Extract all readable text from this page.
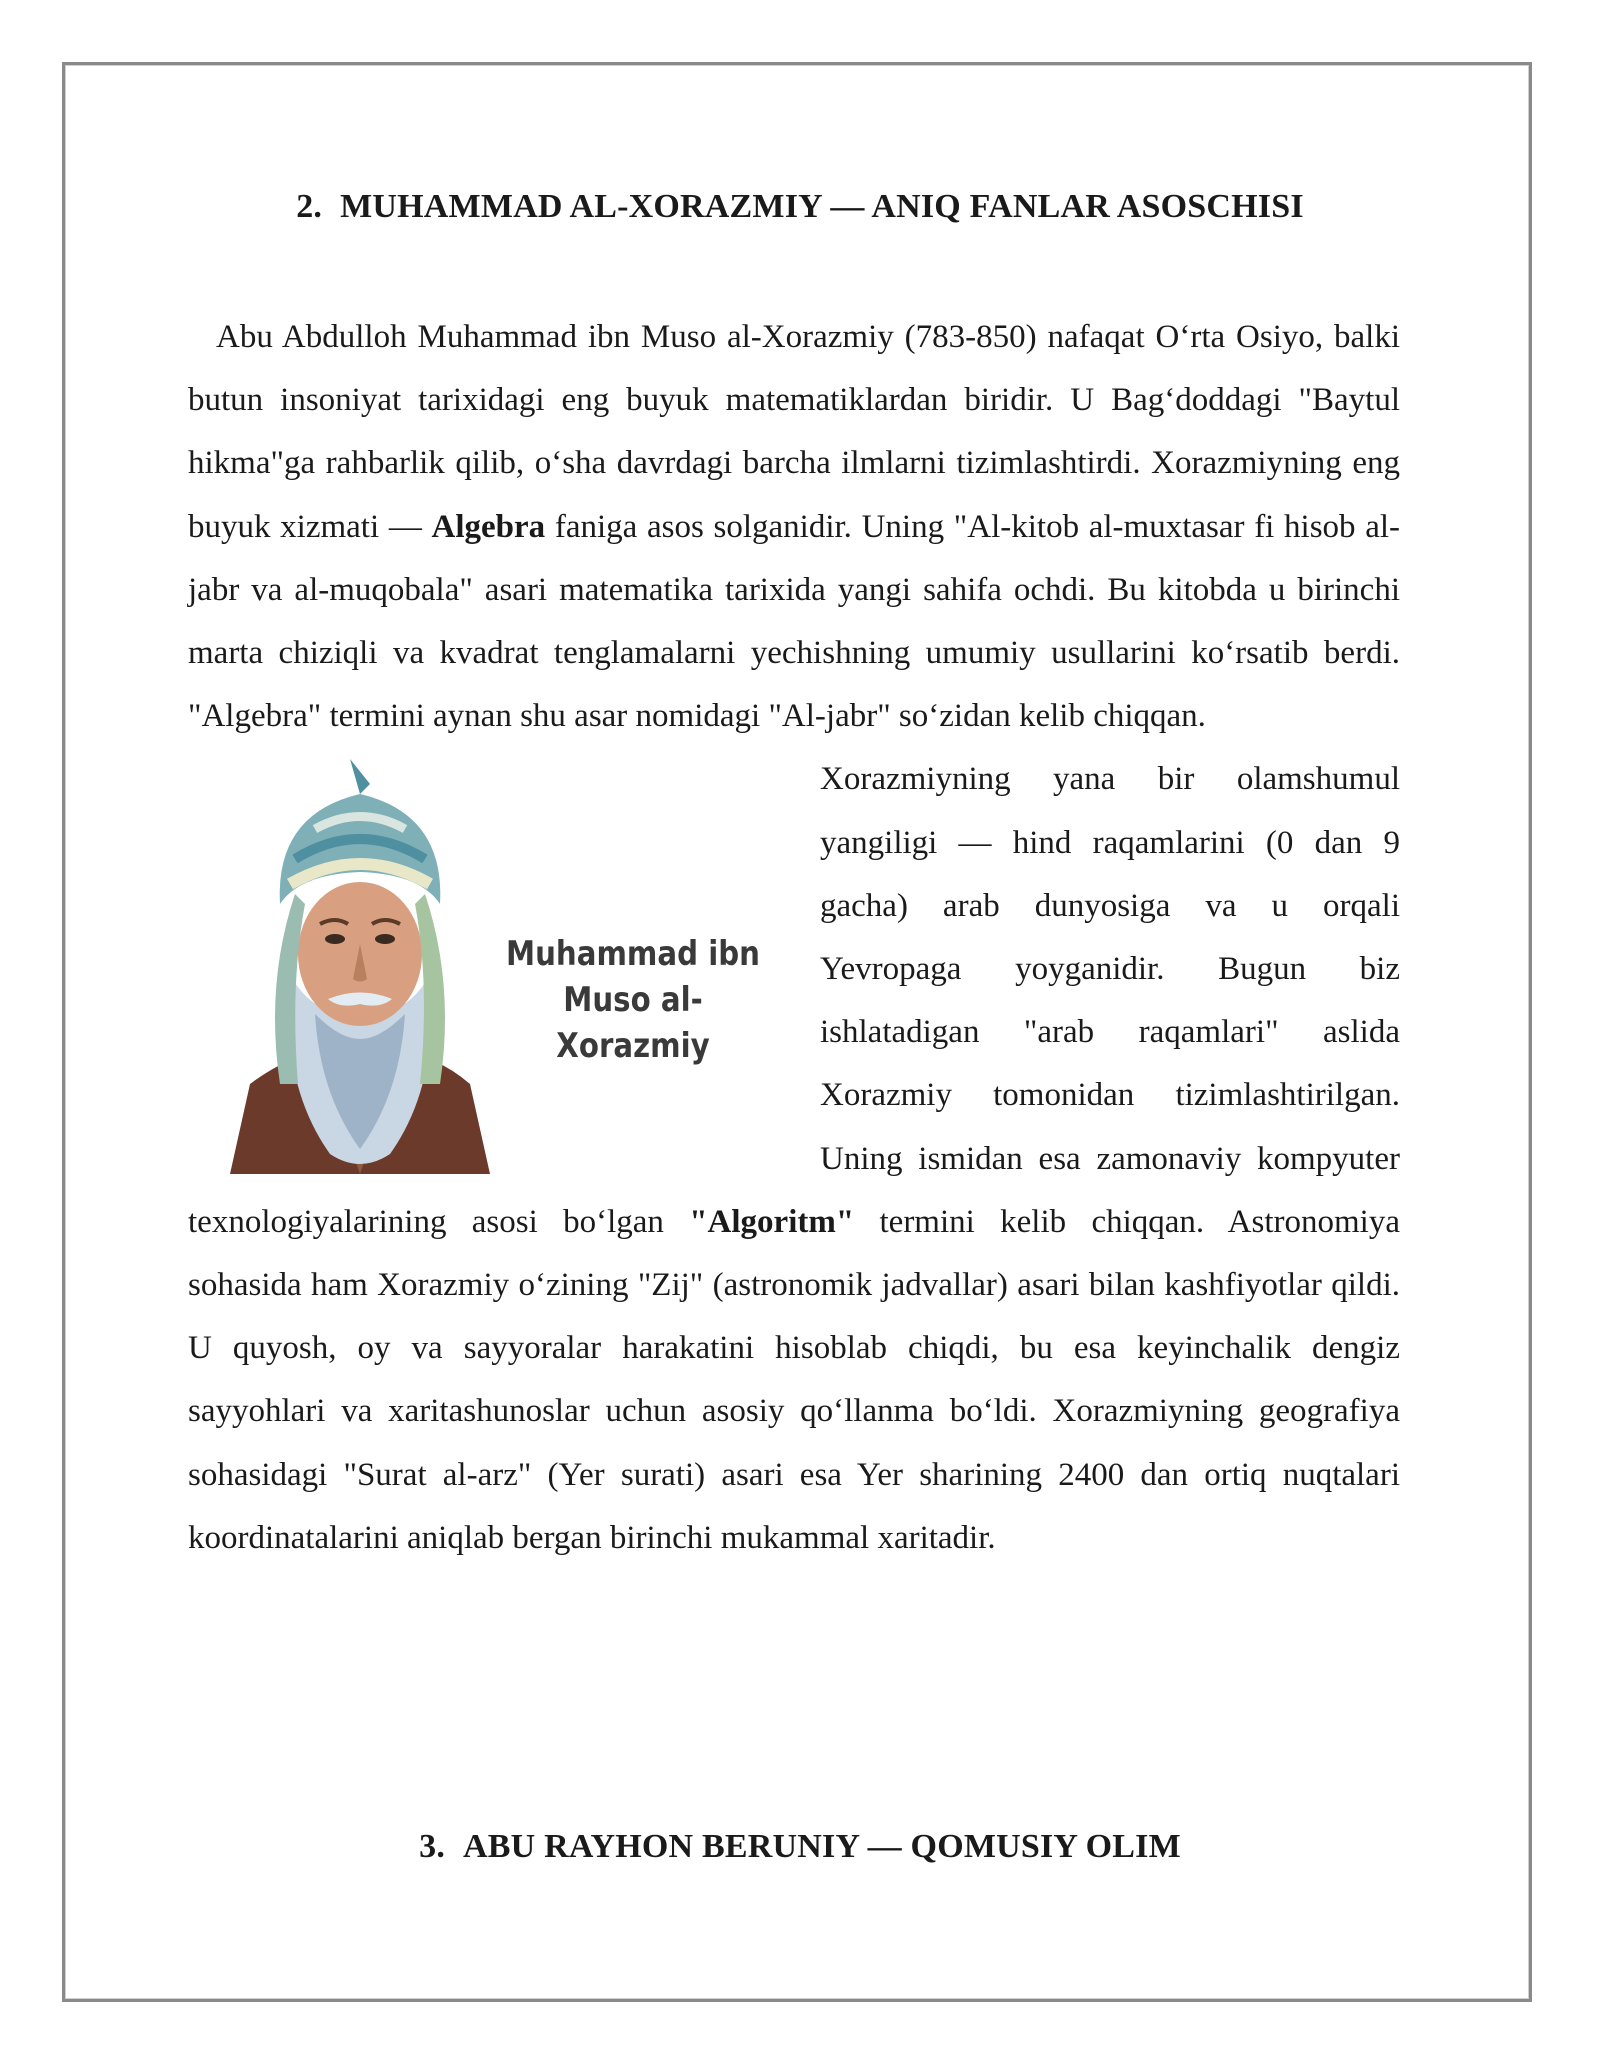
2. MUHAMMAD AL-XORAZMIY — ANIQ FANLAR ASOSCHISI

Abu Abdulloh Muhammad ibn Muso al-Xorazmiy (783-850) nafaqat O‘rta Osiyo, balki butun insoniyat tarixidagi eng buyuk matematiklardan biridir. U Bag‘doddagi "Baytul hikma"ga rahbarlik qilib, o‘sha davrdagi barcha ilmlarni tizimlashtirdi. Xorazmiyning eng buyuk xizmati — Algebra faniga asos solganidir. Uning "Al-kitob al-muxtasar fi hisob al-jabr va al-muqobala" asari matematika tarixida yangi sahifa ochdi. Bu kitobda u birinchi marta chiziqli va kvadrat tenglamalarni yechishning umumiy usullarini ko‘rsatib berdi. "Algebra" termini aynan shu asar nomidagi "Al-jabr" so‘zidan kelib chiqqan.

Muhammad ibn
Muso al-Xorazmiy

Xorazmiyning yana bir olamshumul yangiligi — hind raqamlarini (0 dan 9 gacha) arab dunyosiga va u orqali Yevropaga yoyganidir. Bugun biz ishlatadigan "arab raqamlari" aslida Xorazmiy tomonidan tizimlashtirilgan. Uning ismidan esa zamonaviy kompyuter texnologiyalarining asosi bo‘lgan "Algoritm" termini kelib chiqqan. Astronomiya sohasida ham Xorazmiy o‘zining "Zij" (astronomik jadvallar) asari bilan kashfiyotlar qildi. U quyosh, oy va sayyoralar harakatini hisoblab chiqdi, bu esa keyinchalik dengiz sayyohlari va xaritashunoslar uchun asosiy qo‘llanma bo‘ldi. Xorazmiyning geografiya sohasidagi "Surat al-arz" (Yer surati) asari esa Yer sharining 2400 dan ortiq nuqtalari koordinatalarini aniqlab bergan birinchi mukammal xaritadir.

3. ABU RAYHON BERUNIY — QOMUSIY OLIM
